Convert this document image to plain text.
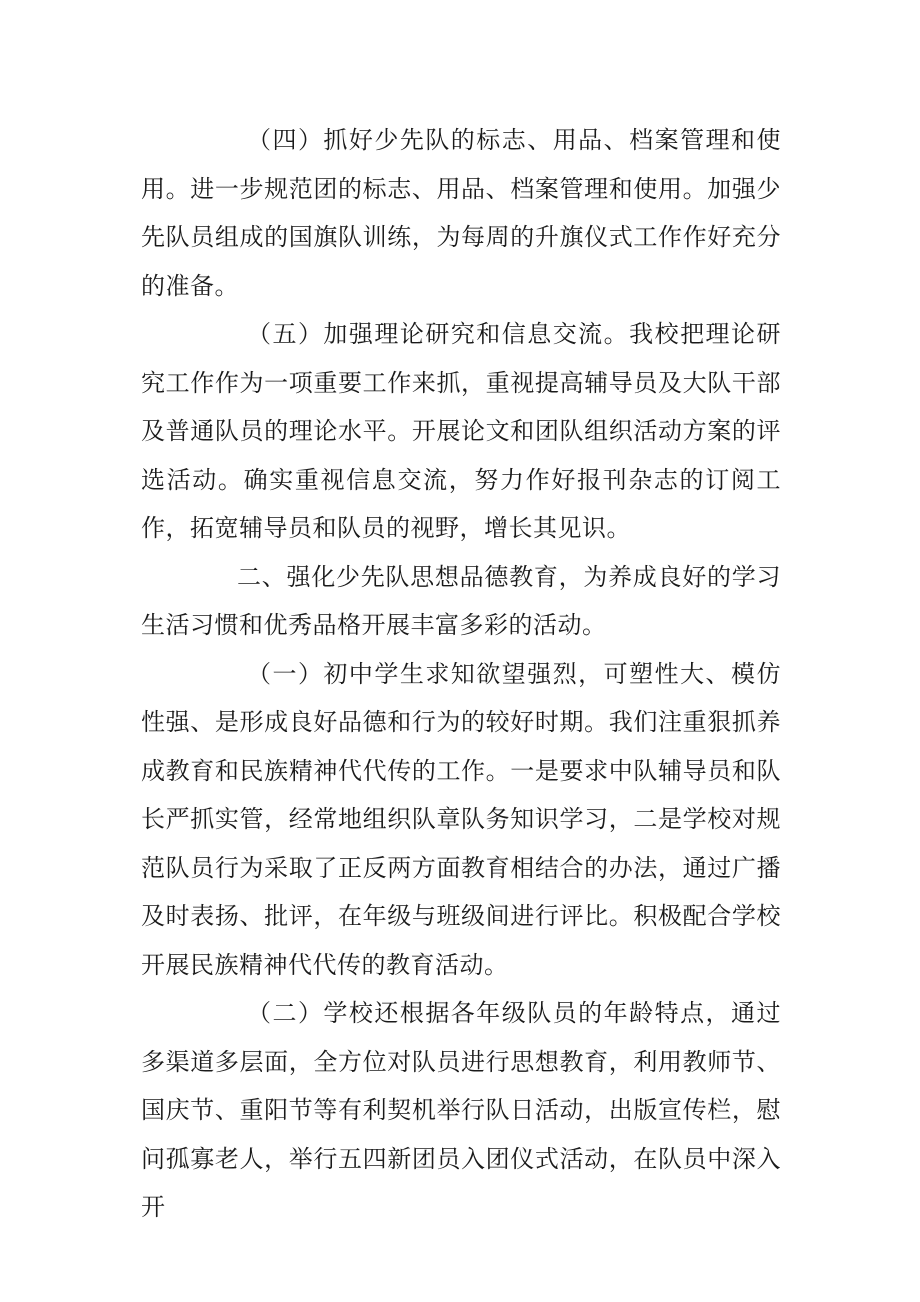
（四）抓好少先队的标志、用品、档案管理和使用。进一步规范团的标志、用品、档案管理和使用。加强少先队员组成的国旗队训练，为每周的升旗仪式工作作好充分的准备。

（五）加强理论研究和信息交流。我校把理论研究工作作为一项重要工作来抓，重视提高辅导员及大队干部及普通队员的理论水平。开展论文和团队组织活动方案的评选活动。确实重视信息交流，努力作好报刊杂志的订阅工作，拓宽辅导员和队员的视野，增长其见识。

二、强化少先队思想品德教育，为养成良好的学习生活习惯和优秀品格开展丰富多彩的活动。

（一）初中学生求知欲望强烈，可塑性大、模仿性强、是形成良好品德和行为的较好时期。我们注重狠抓养成教育和民族精神代代传的工作。一是要求中队辅导员和队长严抓实管，经常地组织队章队务知识学习，二是学校对规范队员行为采取了正反两方面教育相结合的办法，通过广播及时表扬、批评，在年级与班级间进行评比。积极配合学校开展民族精神代代传的教育活动。

（二）学校还根据各年级队员的年龄特点，通过多渠道多层面，全方位对队员进行思想教育，利用教师节、国庆节、重阳节等有利契机举行队日活动，出版宣传栏，慰问孤寡老人，举行五四新团员入团仪式活动，在队员中深入开
